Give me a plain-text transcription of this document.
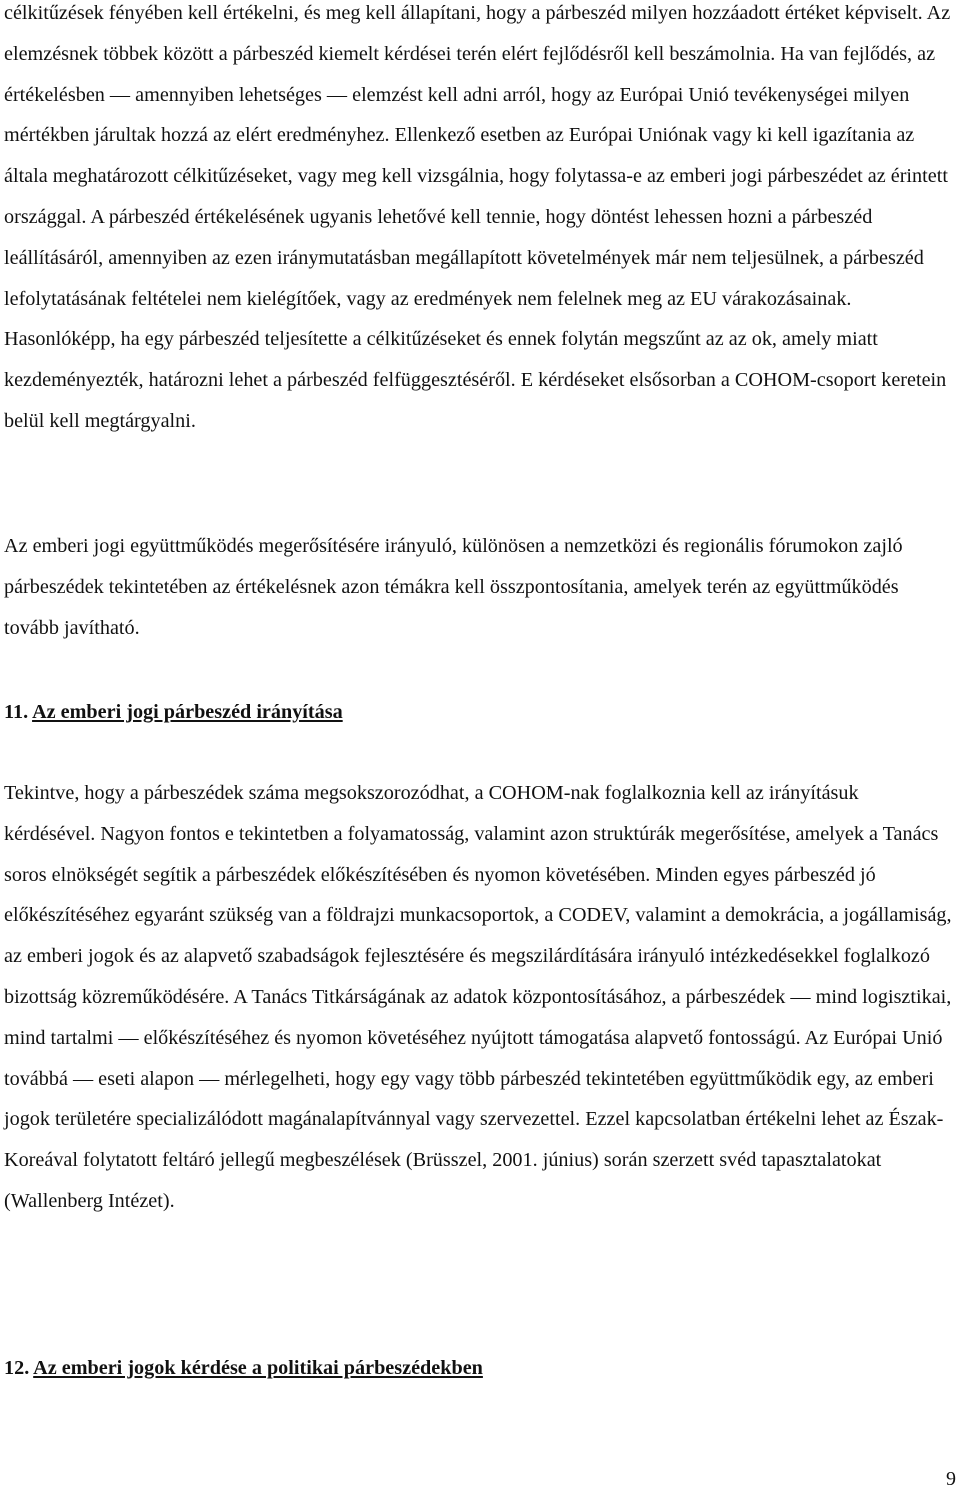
célkitűzések fényében kell értékelni, és meg kell állapítani, hogy a párbeszéd milyen hozzáadott értéket képviselt. Az elemzésnek többek között a párbeszéd kiemelt kérdései terén elért fejlődésről kell beszámolnia. Ha van fejlődés, az értékelésben — amennyiben lehetséges — elemzést kell adni arról, hogy az Európai Unió tevékenységei milyen mértékben járultak hozzá az elért eredményhez. Ellenkező esetben az Európai Uniónak vagy ki kell igazítania az általa meghatározott célkitűzéseket, vagy meg kell vizsgálnia, hogy folytassa-e az emberi jogi párbeszédet az érintett országgal. A párbeszéd értékelésének ugyanis lehetővé kell tennie, hogy döntést lehessen hozni a párbeszéd leállításáról, amennyiben az ezen iránymutatásban megállapított követelmények már nem teljesülnek, a párbeszéd lefolytatásának feltételei nem kielégítőek, vagy az eredmények nem felelnek meg az EU várakozásainak. Hasonlóképp, ha egy párbeszéd teljesítette a célkitűzéseket és ennek folytán megszűnt az az ok, amely miatt kezdeményezték, határozni lehet a párbeszéd felfüggesztéséről. E kérdéseket elsősorban a COHOM-csoport keretein belül kell megtárgyalni.

Az emberi jogi együttműködés megerősítésére irányuló, különösen a nemzetközi és regionális fórumokon zajló párbeszédek tekintetében az értékelésnek azon témákra kell összpontosítania, amelyek terén az együttműködés tovább javítható.

11. Az emberi jogi párbeszéd irányítása

Tekintve, hogy a párbeszédek száma megsokszorozódhat, a COHOM-nak foglalkoznia kell az irányításuk kérdésével. Nagyon fontos e tekintetben a folyamatosság, valamint azon struktúrák megerősítése, amelyek a Tanács soros elnökségét segítik a párbeszédek előkészítésében és nyomon követésében. Minden egyes párbeszéd jó előkészítéséhez egyaránt szükség van a földrajzi munkacsoportok, a CODEV, valamint a demokrácia, a jogállamiság, az emberi jogok és az alapvető szabadságok fejlesztésére és megszilárdítására irányuló intézkedésekkel foglalkozó bizottság közreműködésére. A Tanács Titkárságának az adatok központosításához, a párbeszédek — mind logisztikai, mind tartalmi — előkészítéséhez és nyomon követéséhez nyújtott támogatása alapvető fontosságú. Az Európai Unió továbbá — eseti alapon — mérlegelheti, hogy egy vagy több párbeszéd tekintetében együttműködik egy, az emberi jogok területére specializálódott magánalapítvánnyal vagy szervezettel. Ezzel kapcsolatban értékelni lehet az Észak-Koreával folytatott feltáró jellegű megbeszélések (Brüsszel, 2001. június) során szerzett svéd tapasztalatokat (Wallenberg Intézet).

12. Az emberi jogok kérdése a politikai párbeszédekben
9
